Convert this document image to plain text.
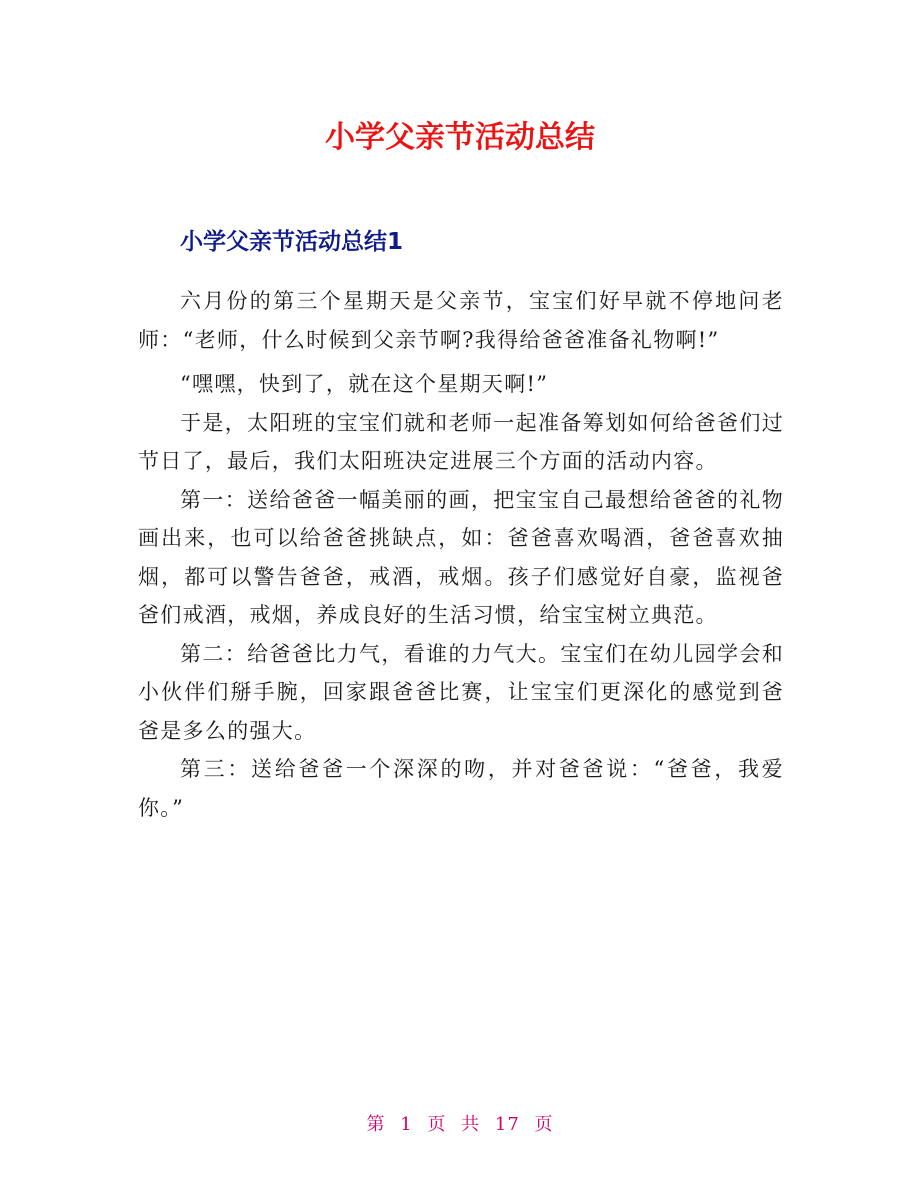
小学父亲节活动总结
小学父亲节活动总结1

六月份的第三个星期天是父亲节，宝宝们好早就不停地问老师：“老师，什么时候到父亲节啊?我得给爸爸准备礼物啊!”

“嘿嘿，快到了，就在这个星期天啊!”

于是，太阳班的宝宝们就和老师一起准备筹划如何给爸爸们过节日了，最后，我们太阳班决定进展三个方面的活动内容。

第一：送给爸爸一幅美丽的画，把宝宝自己最想给爸爸的礼物画出来，也可以给爸爸挑缺点，如：爸爸喜欢喝酒，爸爸喜欢抽烟，都可以警告爸爸，戒酒，戒烟。孩子们感觉好自豪，监视爸爸们戒酒，戒烟，养成良好的生活习惯，给宝宝树立典范。

第二：给爸爸比力气，看谁的力气大。宝宝们在幼儿园学会和小伙伴们掰手腕，回家跟爸爸比赛，让宝宝们更深化的感觉到爸爸是多么的强大。

第三：送给爸爸一个深深的吻，并对爸爸说：“爸爸，我爱你。”

第 1 页 共 17 页
